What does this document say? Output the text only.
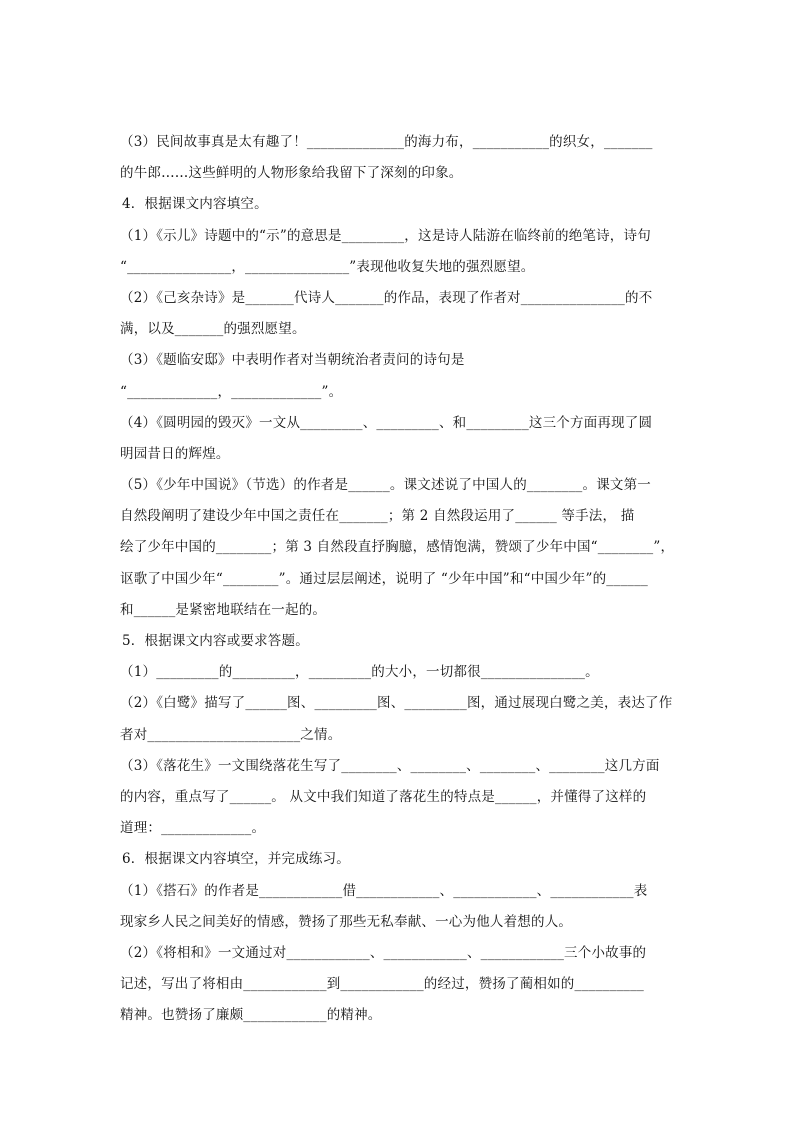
（3）民间故事真是太有趣了！______________的海力布，___________的织女，_______
的牛郎……这些鲜明的人物形象给我留下了深刻的印象。
4．根据课文内容填空。
（1）《示儿》诗题中的“示”的意思是_________，这是诗人陆游在临终前的绝笔诗，诗句
“_______________，_______________”表现他收复失地的强烈愿望。
（2）《己亥杂诗》是_______代诗人_______的作品，表现了作者对_______________的不
满，以及_______的强烈愿望。
（3）《题临安邸》中表明作者对当朝统治者责问的诗句是
“_____________，_____________”。
（4）《圆明园的毁灭》一文从_________、_________、和_________这三个方面再现了圆
明园昔日的辉煌。
（5）《少年中国说》（节选）的作者是______。课文述说了中国人的________。课文第一
自然段阐明了建设少年中国之责任在_______；第 2 自然段运用了______ 等手法， 描
绘了少年中国的________；第 3 自然段直抒胸臆，感情饱满，赞颂了少年中国“________”，
讴歌了中国少年“________”。通过层层阐述，说明了 “少年中国”和“中国少年”的______
和______是紧密地联结在一起的。
5．根据课文内容或要求答题。
（1）_________的_________，_________的大小，一切都很_______________。
（2）《白鹭》描写了______图、_________图、_________图，通过展现白鹭之美，表达了作
者对______________________之情。
（3）《落花生》一文围绕落花生写了________、________、________、________这几方面
的内容，重点写了______。 从文中我们知道了落花生的特点是______，并懂得了这样的
道理：_____________。
6．根据课文内容填空，并完成练习。
（1）《搭石》的作者是____________借____________、____________、____________表
现家乡人民之间美好的情感，赞扬了那些无私奉献、一心为他人着想的人。
（2）《将相和》一文通过对____________、____________、____________三个小故事的
记述，写出了将相由____________到____________的经过，赞扬了蔺相如的__________
精神。也赞扬了廉颇____________的精神。
